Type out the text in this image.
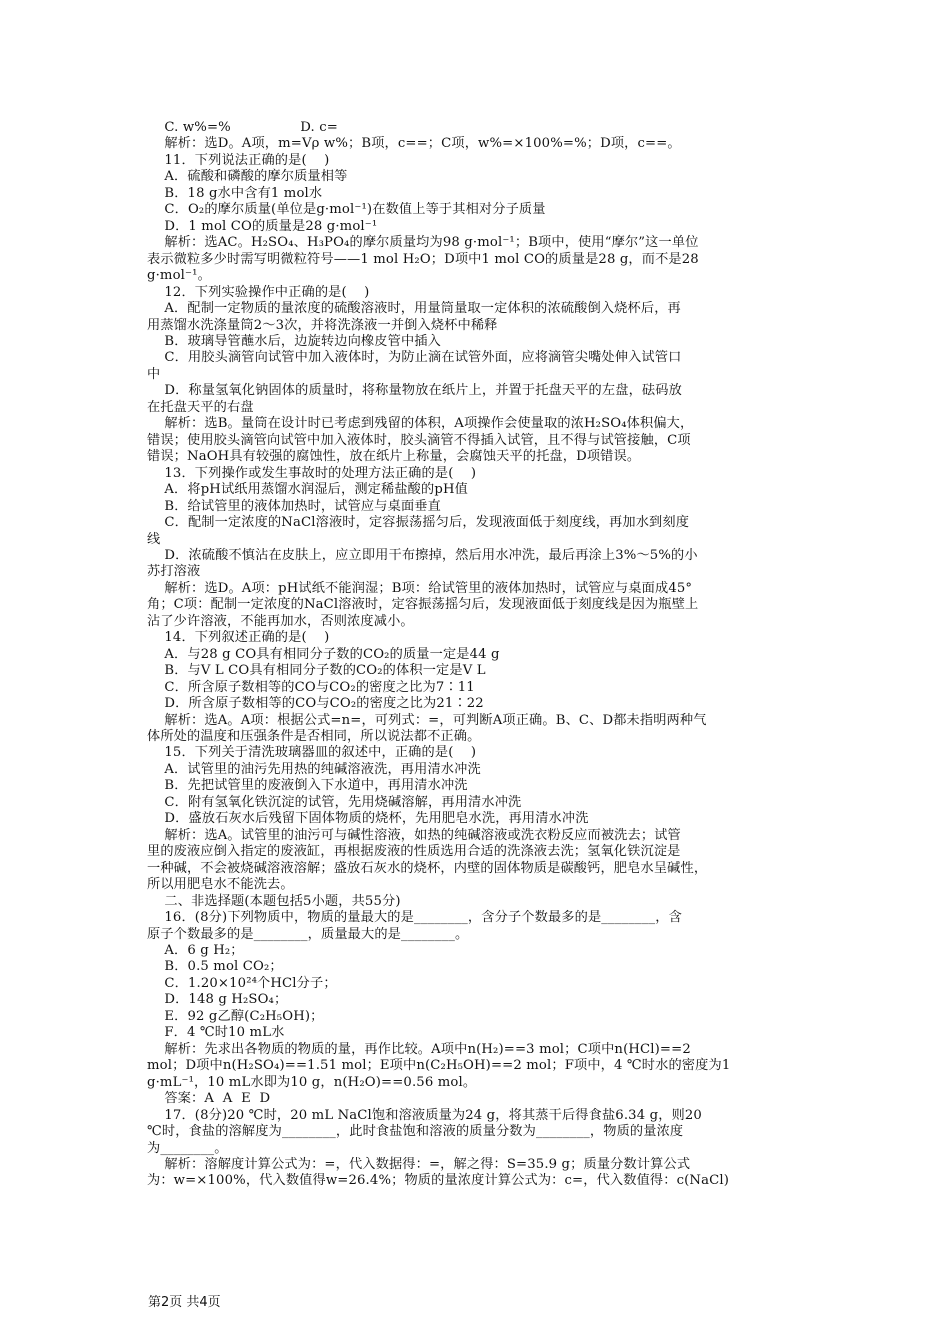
C. w%=%                D. c=
解析：选D。A项，m=Vρ w%；B项，c==；C项，w%=×100%=%；D项，c==。
11．下列说法正确的是(    )
A．硫酸和磷酸的摩尔质量相等
B．18 g水中含有1 mol水
C．O₂的摩尔质量(单位是g·mol⁻¹)在数值上等于其相对分子质量
D．1 mol CO的质量是28 g·mol⁻¹
解析：选AC。H₂SO₄、H₃PO₄的摩尔质量均为98 g·mol⁻¹；B项中，使用“摩尔”这一单位
表示微粒多少时需写明微粒符号——1 mol H₂O；D项中1 mol CO的质量是28 g，而不是28
g·mol⁻¹。
12．下列实验操作中正确的是(    )
A．配制一定物质的量浓度的硫酸溶液时，用量筒量取一定体积的浓硫酸倒入烧杯后，再
用蒸馏水洗涤量筒2～3次，并将洗涤液一并倒入烧杯中稀释
B．玻璃导管蘸水后，边旋转边向橡皮管中插入
C．用胶头滴管向试管中加入液体时，为防止滴在试管外面，应将滴管尖嘴处伸入试管口
中
D．称量氢氧化钠固体的质量时，将称量物放在纸片上，并置于托盘天平的左盘，砝码放
在托盘天平的右盘
解析：选B。量筒在设计时已考虑到残留的体积，A项操作会使量取的浓H₂SO₄体积偏大，
错误；使用胶头滴管向试管中加入液体时，胶头滴管不得插入试管，且不得与试管接触，C项
错误；NaOH具有较强的腐蚀性，放在纸片上称量，会腐蚀天平的托盘，D项错误。
13．下列操作或发生事故时的处理方法正确的是(    )
A．将pH试纸用蒸馏水润湿后，测定稀盐酸的pH值
B．给试管里的液体加热时，试管应与桌面垂直
C．配制一定浓度的NaCl溶液时，定容振荡摇匀后，发现液面低于刻度线，再加水到刻度
线
D．浓硫酸不慎沾在皮肤上，应立即用干布擦掉，然后用水冲洗，最后再涂上3%～5%的小
苏打溶液
解析：选D。A项：pH试纸不能润湿；B项：给试管里的液体加热时，试管应与桌面成45°
角；C项：配制一定浓度的NaCl溶液时，定容振荡摇匀后，发现液面低于刻度线是因为瓶壁上
沾了少许溶液，不能再加水，否则浓度减小。
14．下列叙述正确的是(    )
A．与28 g CO具有相同分子数的CO₂的质量一定是44 g
B．与V L CO具有相同分子数的CO₂的体积一定是V L
C．所含原子数相等的CO与CO₂的密度之比为7∶11
D．所含原子数相等的CO与CO₂的密度之比为21∶22
解析：选A。A项：根据公式=n=，可列式：=，可判断A项正确。B、C、D都未指明两种气
体所处的温度和压强条件是否相同，所以说法都不正确。
15．下列关于清洗玻璃器皿的叙述中，正确的是(    )
A．试管里的油污先用热的纯碱溶液洗，再用清水冲洗
B．先把试管里的废液倒入下水道中，再用清水冲洗
C．附有氢氧化铁沉淀的试管，先用烧碱溶解，再用清水冲洗
D．盛放石灰水后残留下固体物质的烧杯，先用肥皂水洗，再用清水冲洗
解析：选A。试管里的油污可与碱性溶液，如热的纯碱溶液或洗衣粉反应而被洗去；试管
里的废液应倒入指定的废液缸，再根据废液的性质选用合适的洗涤液去洗；氢氧化铁沉淀是
一种碱，不会被烧碱溶液溶解；盛放石灰水的烧杯，内壁的固体物质是碳酸钙，肥皂水呈碱性，
所以用肥皂水不能洗去。
二、非选择题(本题包括5小题，共55分)
16．(8分)下列物质中，物质的量最大的是________，含分子个数最多的是________，含
原子个数最多的是________，质量最大的是________。
A．6 g H₂；
B．0.5 mol CO₂；
C．1.20×10²⁴个HCl分子；
D．148 g H₂SO₄；
E．92 g乙醇(C₂H₅OH)；
F．4 ℃时10 mL水
解析：先求出各物质的物质的量，再作比较。A项中n(H₂)==3 mol；C项中n(HCl)==2
mol；D项中n(H₂SO₄)==1.51 mol；E项中n(C₂H₅OH)==2 mol；F项中，4 ℃时水的密度为1
g·mL⁻¹，10 mL水即为10 g，n(H₂O)==0.56 mol。
答案：A  A  E  D
17．(8分)20 ℃时，20 mL NaCl饱和溶液质量为24 g，将其蒸干后得食盐6.34 g，则20
℃时，食盐的溶解度为________，此时食盐饱和溶液的质量分数为________，物质的量浓度
为________。
解析：溶解度计算公式为：=，代入数据得：=，解之得：S=35.9 g；质量分数计算公式
为：w=×100%，代入数值得w=26.4%；物质的量浓度计算公式为：c=，代入数值得：c(NaCl)
第2页 共4页
